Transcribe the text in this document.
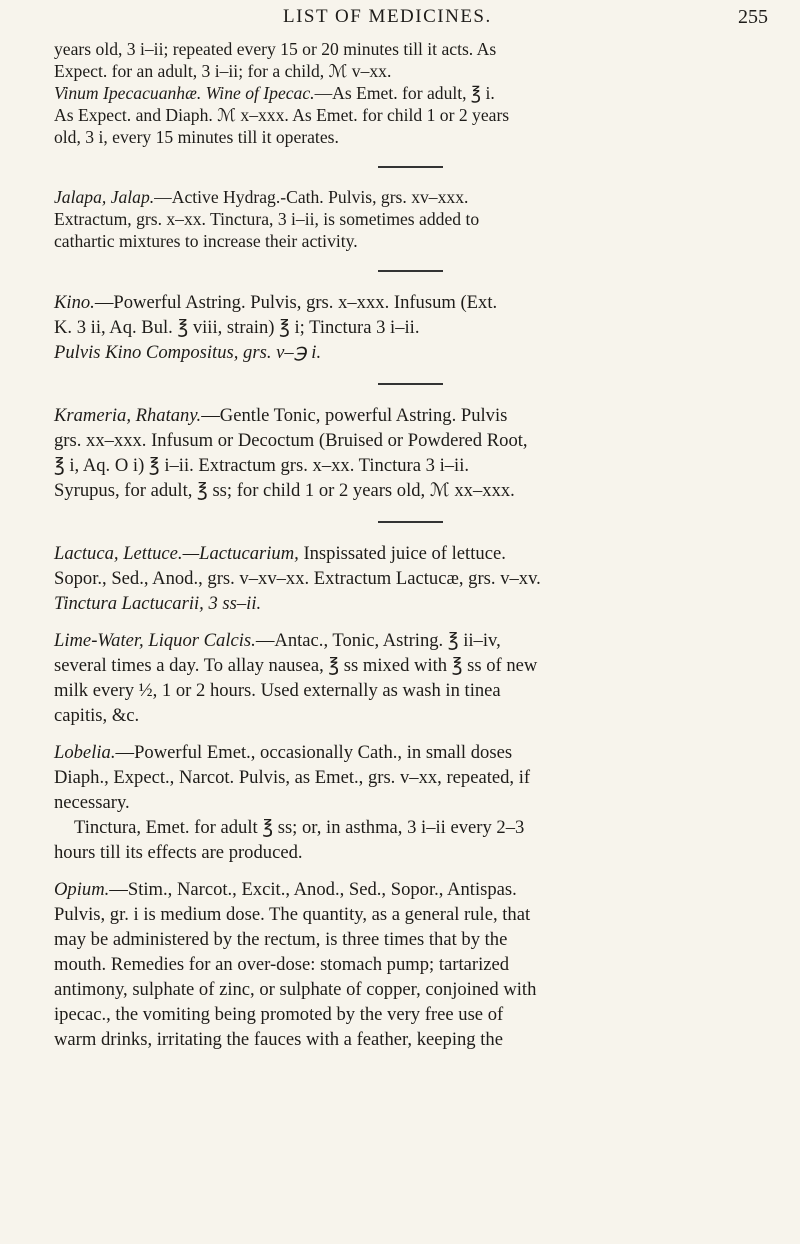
LIST OF MEDICINES.	255

years old, 3 i–ii; repeated every 15 or 20 minutes till it acts. As
Expect. for an adult, 3 i–ii; for a child, ℳ v–xx.

Vinum Ipecacuanhæ. Wine of Ipecac.—As Emet. for adult, ℥ i.
As Expect. and Diaph. ℳ x–xxx. As Emet. for child 1 or 2 years
old, 3 i, every 15 minutes till it operates.

Jalapa, Jalap.—Active Hydrag.-Cath. Pulvis, grs. xv–xxx.
Extractum, grs. x–xx. Tinctura, 3 i–ii, is sometimes added to
cathartic mixtures to increase their activity.

Kino.—Powerful Astring. Pulvis, grs. x–xxx. Infusum (Ext.
K. 3 ii, Aq. Bul. ℥ viii, strain) ℥ i; Tinctura 3 i–ii.
Pulvis Kino Compositus, grs. v–℈ i.

Krameria, Rhatany.—Gentle Tonic, powerful Astring. Pulvis
grs. xx–xxx. Infusum or Decoctum (Bruised or Powdered Root,
℥ i, Aq. O i) ℥ i–ii. Extractum grs. x–xx. Tinctura 3 i–ii.
Syrupus, for adult, ℥ ss; for child 1 or 2 years old, ℳ xx–xxx.

Lactuca, Lettuce.—Lactucarium, Inspissated juice of lettuce.
Sopor., Sed., Anod., grs. v–xv–xx. Extractum Lactucæ, grs. v–xv.
Tinctura Lactucarii, 3 ss–ii.

Lime-Water, Liquor Calcis.—Antac., Tonic, Astring. ℥ ii–iv,
several times a day. To allay nausea, ℥ ss mixed with ℥ ss of new
milk every ½, 1 or 2 hours. Used externally as wash in tinea
capitis, &c.

Lobelia.—Powerful Emet., occasionally Cath., in small doses
Diaph., Expect., Narcot. Pulvis, as Emet., grs. v–xx, repeated, if
necessary.
Tinctura, Emet. for adult ℥ ss; or, in asthma, 3 i–ii every 2–3
hours till its effects are produced.

Opium.—Stim., Narcot., Excit., Anod., Sed., Sopor., Antispas.
Pulvis, gr. i is medium dose. The quantity, as a general rule, that
may be administered by the rectum, is three times that by the
mouth. Remedies for an over-dose: stomach pump; tartarized
antimony, sulphate of zinc, or sulphate of copper, conjoined with
ipecac., the vomiting being promoted by the very free use of
warm drinks, irritating the fauces with a feather, keeping the
